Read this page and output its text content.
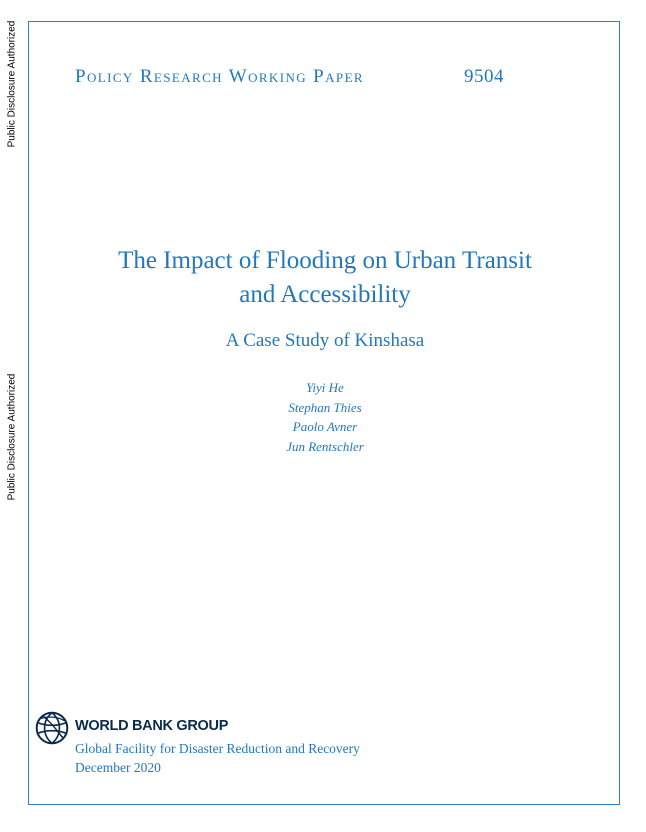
Public Disclosure Authorized
Public Disclosure Authorized
Policy Research Working Paper	9504
The Impact of Flooding on Urban Transit
and Accessibility
A Case Study of Kinshasa
Yiyi He
Stephan Thies
Paolo Avner
Jun Rentschler
WORLD BANK GROUP
Global Facility for Disaster Reduction and Recovery
December 2020
